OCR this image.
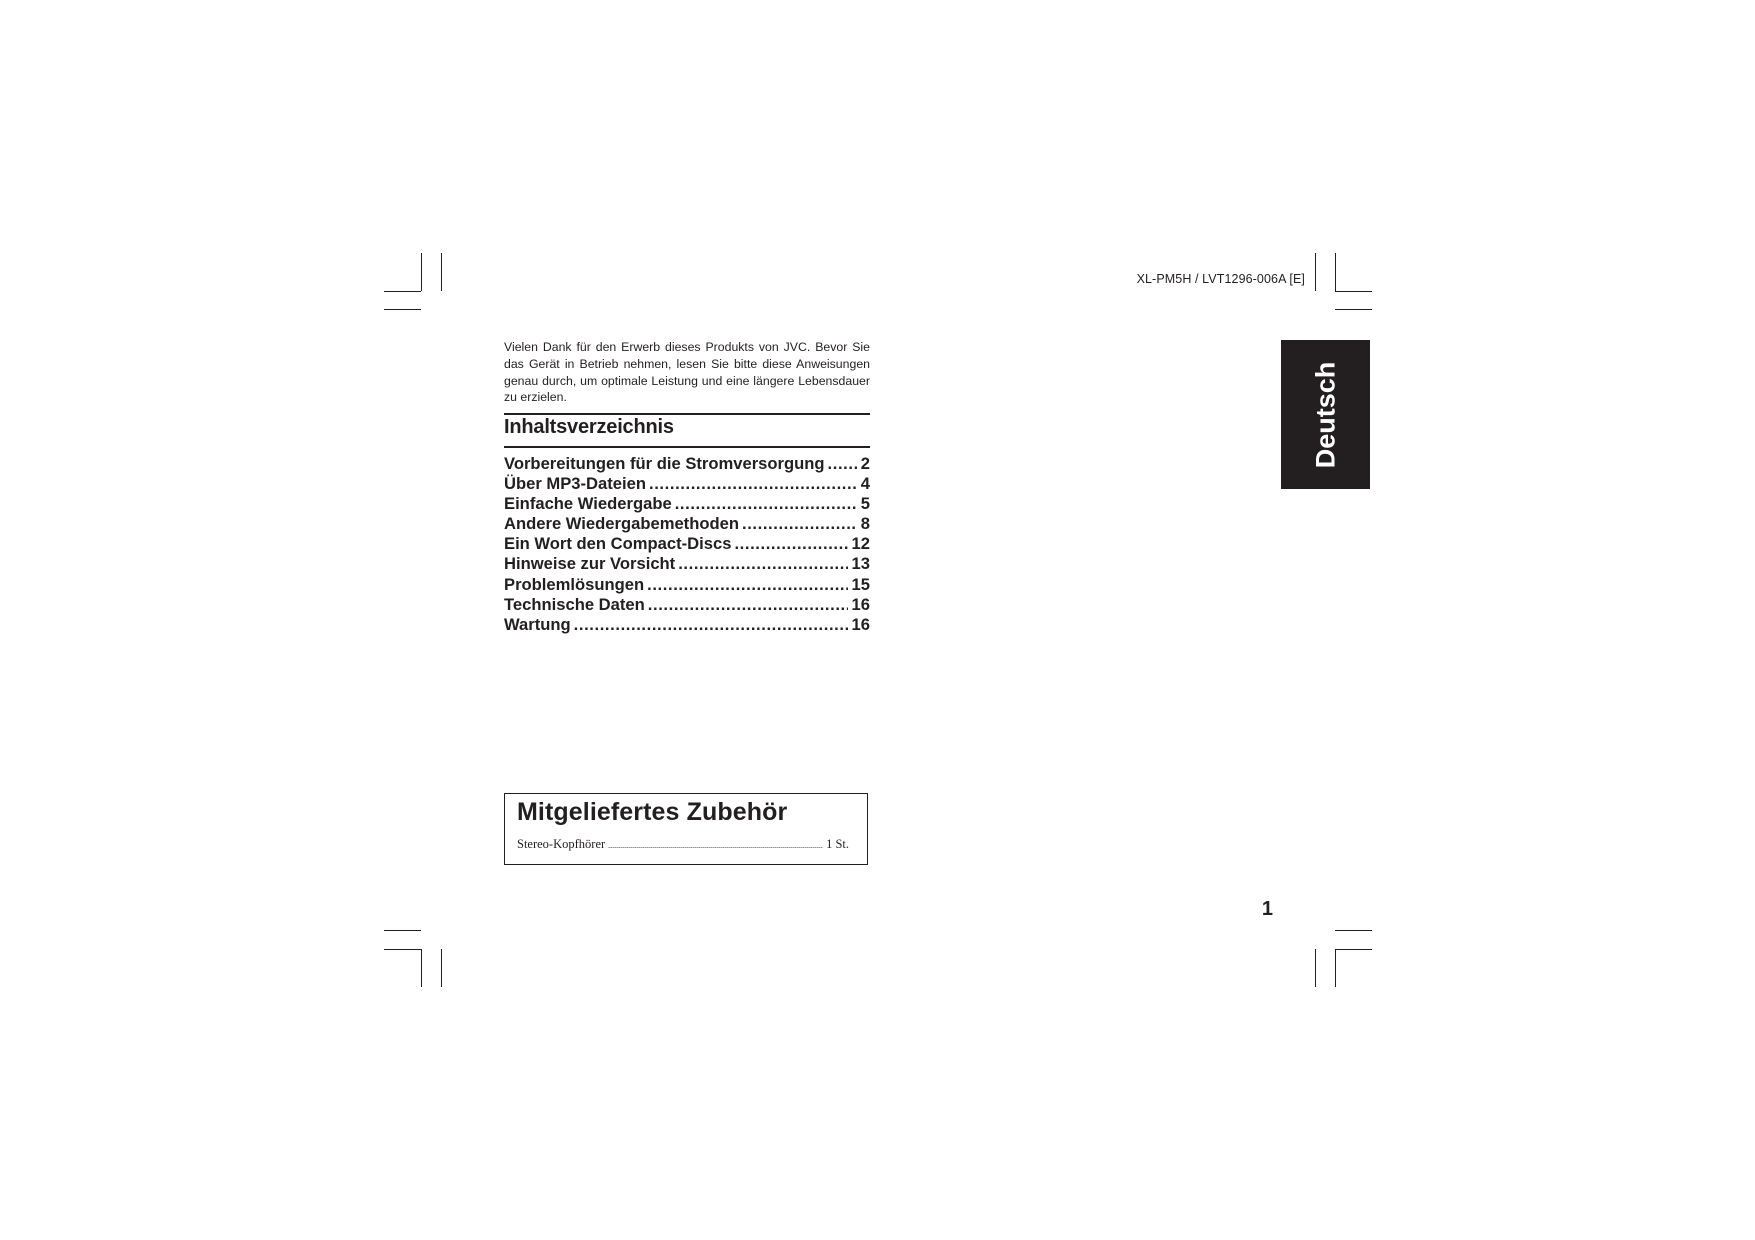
XL-PM5H / LVT1296-006A [E]

Vielen Dank für den Erwerb dieses Produkts von JVC. Bevor Sie das Gerät in Betrieb nehmen, lesen Sie bitte diese Anweisungen genau durch, um optimale Leistung und eine längere Lebensdauer zu erzielen.

Inhaltsverzeichnis
Vorbereitungen für die Stromversorgung ..... 2
Über MP3-Dateien .....	4
Einfache Wiedergabe .....	5
Andere Wiedergabemethoden .....	8
Ein Wort den Compact-Discs .....	12
Hinweise zur Vorsicht .....	13
Problemlösungen .....	15
Technische Daten .....	16
Wartung .....	16
Mitgeliefertes Zubehör
Stereo-Kopfhörer .....	1 St.
Deutsch
1
